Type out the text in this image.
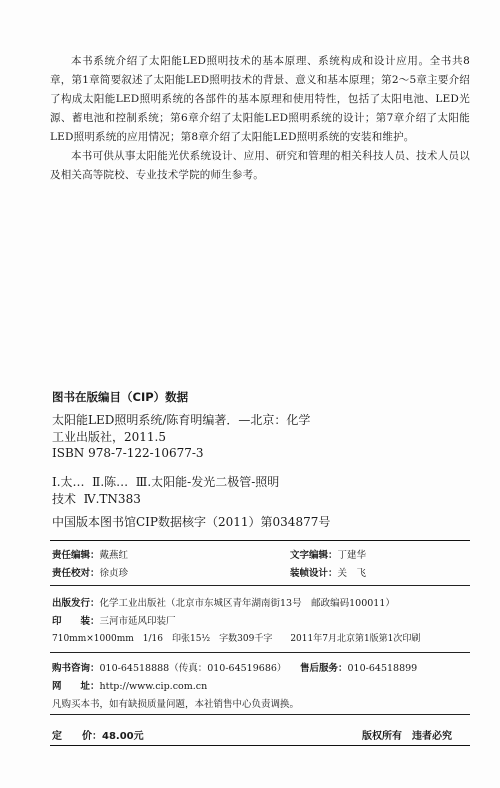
本书系统介绍了太阳能LED照明技术的基本原理、系统构成和设计应用。全书共8章，第1章简要叙述了太阳能LED照明技术的背景、意义和基本原理；第2～5章主要介绍了构成太阳能LED照明系统的各部件的基本原理和使用特性，包括了太阳电池、LED光源、蓄电池和控制系统；第6章介绍了太阳能LED照明系统的设计；第7章介绍了太阳能LED照明系统的应用情况；第8章介绍了太阳能LED照明系统的安装和维护。

本书可供从事太阳能光伏系统设计、应用、研究和管理的相关科技人员、技术人员以及相关高等院校、专业技术学院的师生参考。

图书在版编目（CIP）数据
太阳能LED照明系统/陈育明编著．—北京：化学
工业出版社，2011.5
ISBN 978-7-122-10677-3
Ⅰ.太…  Ⅱ.陈…  Ⅲ.太阳能-发光二极管-照明
技术  Ⅳ.TN383
中国版本图书馆CIP数据核字（2011）第034877号
责任编辑：戴燕红	文字编辑：丁建华
责任校对：徐贞珍	装帧设计：关　飞
出版发行：化学工业出版社（北京市东城区青年湖南街13号　邮政编码100011）
印　　装：三河市延风印装厂
710mm×1000mm　1/16　印张15½　字数309千字　　2011年7月北京第1版第1次印刷
购书咨询：010-64518888（传真：010-64519686） 售后服务：010-64518899
网　　址：http://www.cip.com.cn
凡购买本书，如有缺损质量问题，本社销售中心负责调换。
定　　价：48.00元	版权所有　违者必究
